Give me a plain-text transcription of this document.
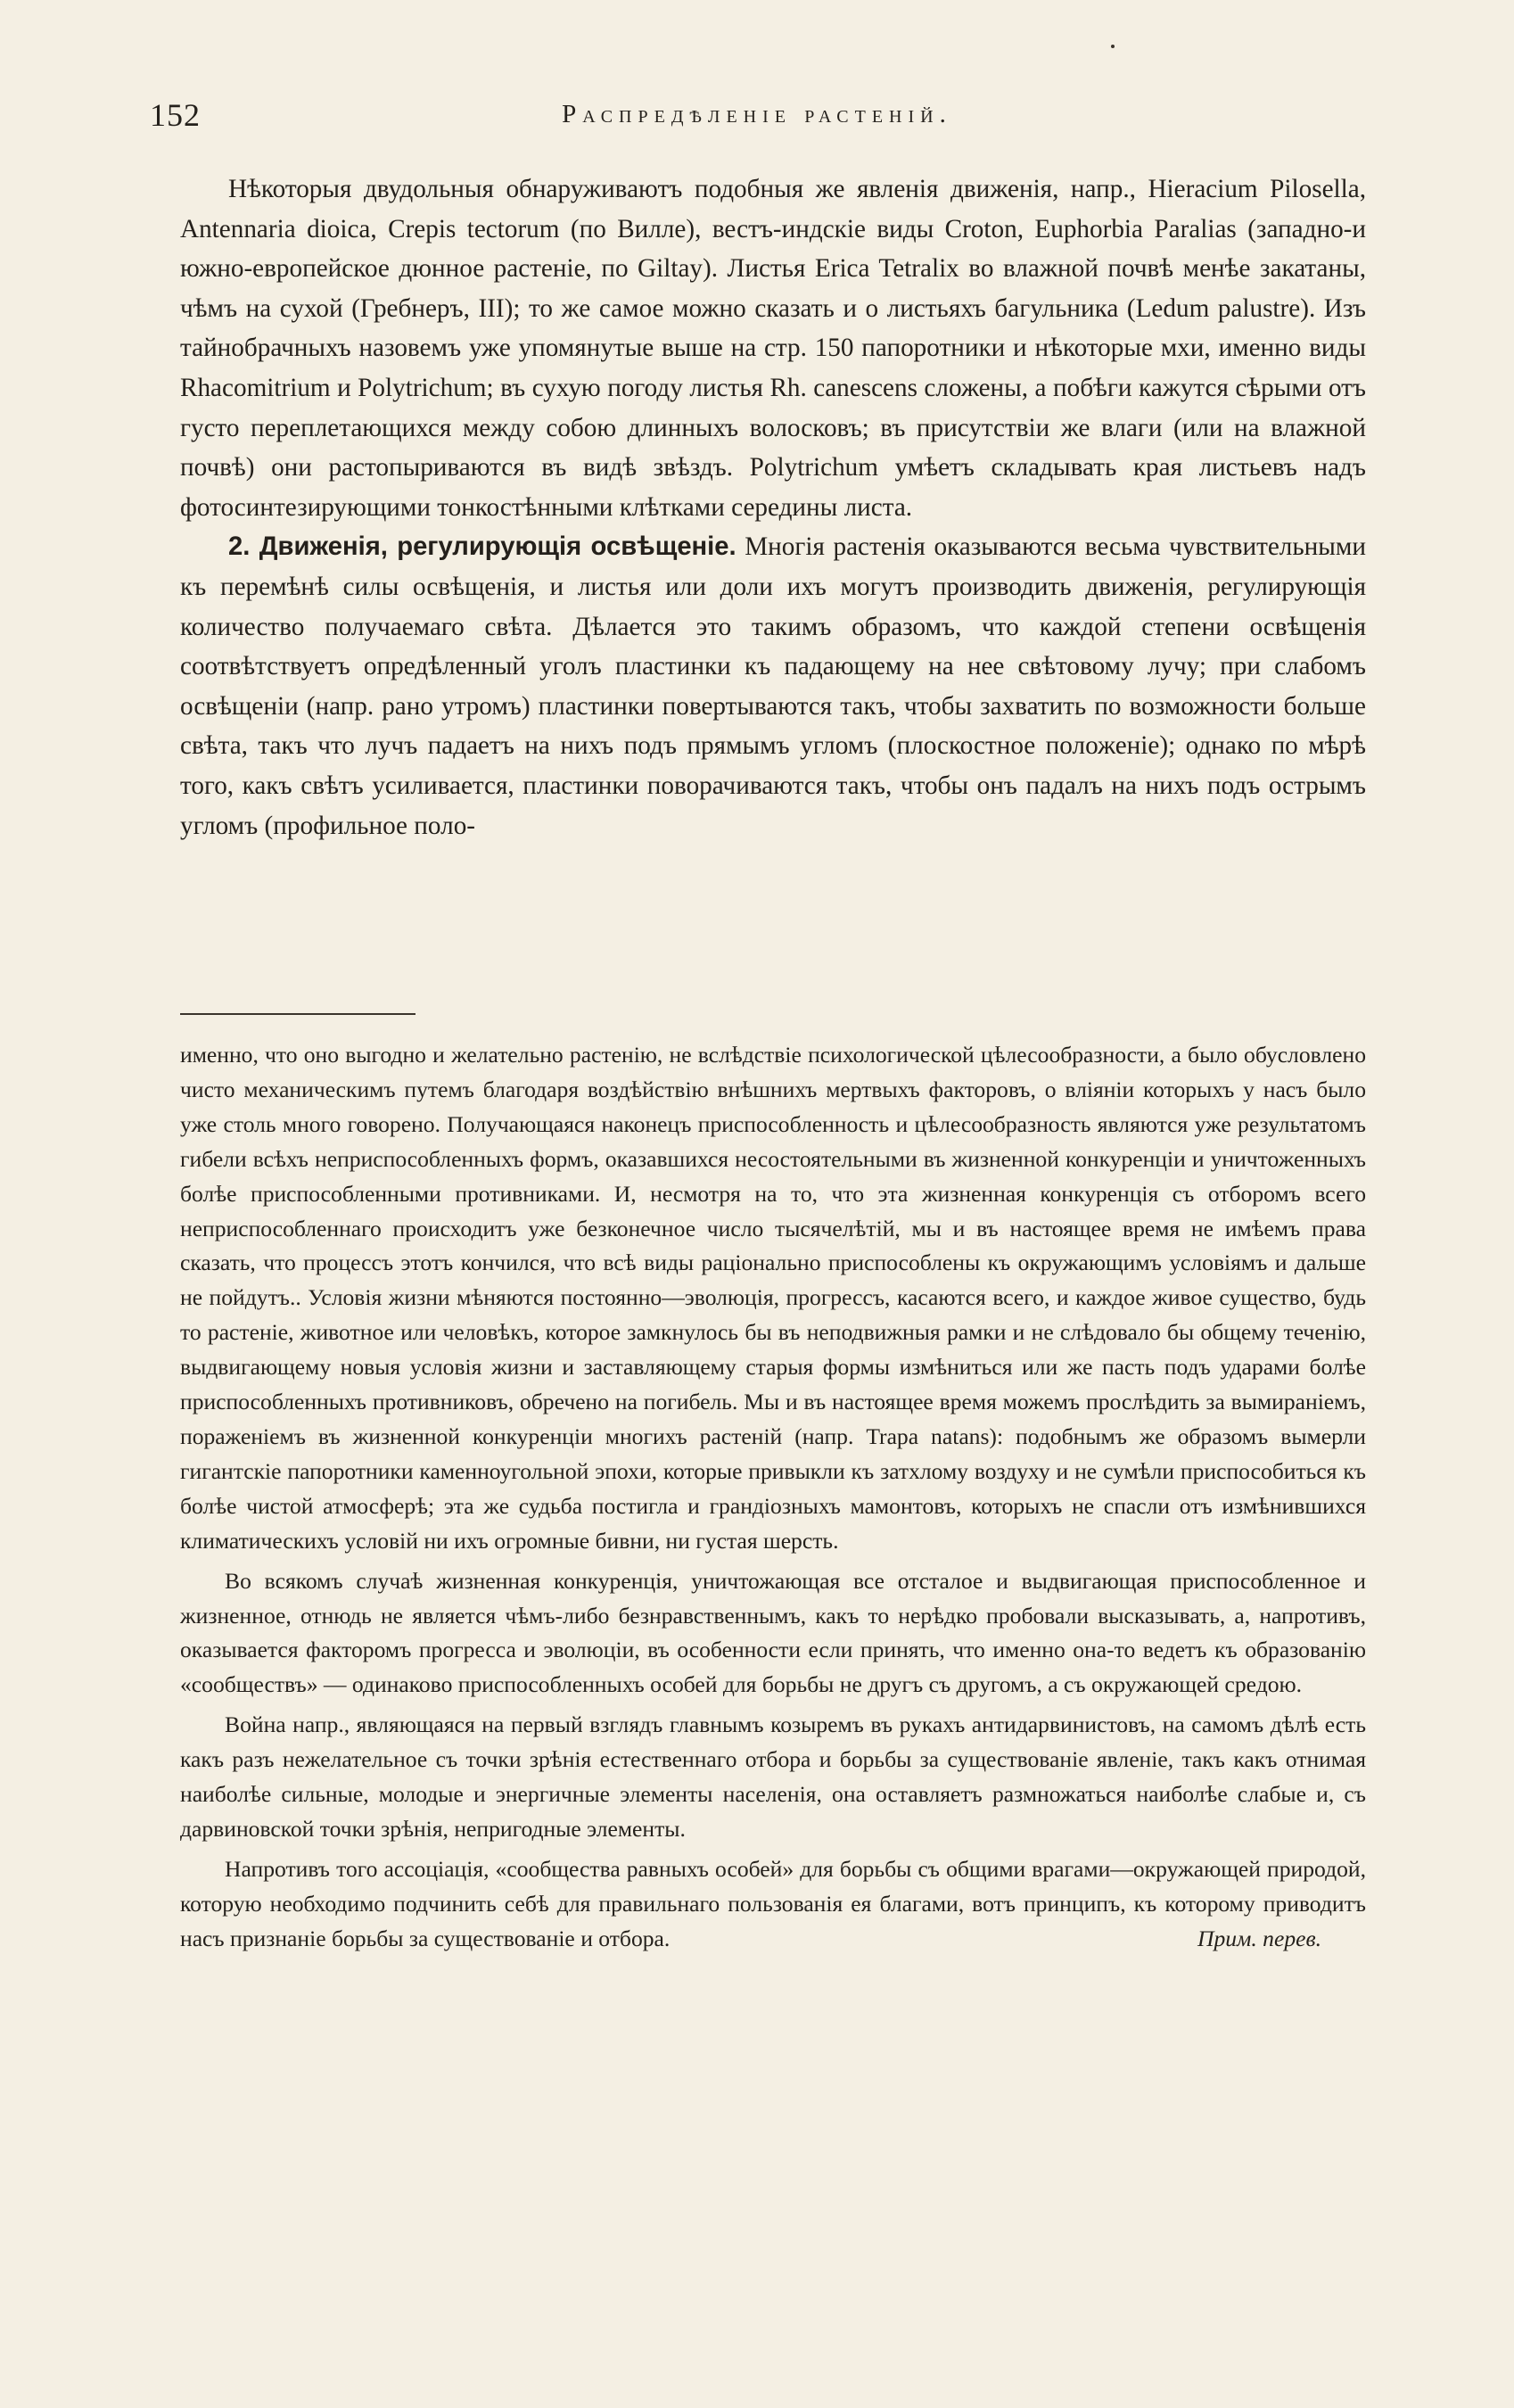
152	Распредѣленіе растеній.

Нѣкоторыя двудольныя обнаруживаютъ подобныя же явленія движенія, напр., Hieracium Pilosella, Antennaria dioica, Crepis tectorum (по Вилле), вестъ-индскіе виды Croton, Euphorbia Paralias (западно-и южно-европейское дюнное растеніе, по Giltay). Листья Erica Tetralix во влажной почвѣ менѣе закатаны, чѣмъ на сухой (Гребнеръ, III); то же самое можно сказать и о листьяхъ багульника (Ledum palustre). Изъ тайнобрачныхъ назовемъ уже упомянутые выше на стр. 150 папоротники и нѣкоторые мхи, именно виды Rhacomitrium и Polytrichum; въ сухую погоду листья Rh. canescens сложены, а побѣги кажутся сѣрыми отъ густо переплетающихся между собою длинныхъ волосковъ; въ присутствіи же влаги (или на влажной почвѣ) они растопыриваются въ видѣ звѣздъ. Polytrichum умѣетъ складывать края листьевъ надъ фотосинтезирующими тонкостѣнными клѣтками середины листа.

2. Движенія, регулирующія освѣщеніе. Многія растенія оказываются весьма чувствительными къ перемѣнѣ силы освѣщенія, и листья или доли ихъ могутъ производить движенія, регулирующія количество получаемаго свѣта. Дѣлается это такимъ образомъ, что каждой степени освѣщенія соотвѣтствуетъ опредѣленный уголъ пластинки къ падающему на нее свѣтовому лучу; при слабомъ освѣщеніи (напр. рано утромъ) пластинки повертываются такъ, чтобы захватить по возможности больше свѣта, такъ что лучъ падаетъ на нихъ подъ прямымъ угломъ (плоскостное положеніе); однако по мѣрѣ того, какъ свѣтъ усиливается, пластинки поворачиваются такъ, чтобы онъ падалъ на нихъ подъ острымъ угломъ (профильное поло-

именно, что оно выгодно и желательно растенію, не вслѣдствіе психологической цѣлесообразности, а было обусловлено чисто механическимъ путемъ благодаря воздѣйствію внѣшнихъ мертвыхъ факторовъ, о вліяніи которыхъ у насъ было уже столь много говорено. Получающаяся наконецъ приспособленность и цѣлесообразность являются уже результатомъ гибели всѣхъ неприспособленныхъ формъ, оказавшихся несостоятельными въ жизненной конкуренціи и уничтоженныхъ болѣе приспособленными противниками. И, несмотря на то, что эта жизненная конкуренція съ отборомъ всего неприспособленнаго происходитъ уже безконечное число тысячелѣтій, мы и въ настоящее время не имѣемъ права сказать, что процессъ этотъ кончился, что всѣ виды раціонально приспособлены къ окружающимъ условіямъ и дальше не пойдутъ.. Условія жизни мѣняются постоянно—эволюція, прогрессъ, касаются всего, и каждое живое существо, будь то растеніе, животное или человѣкъ, которое замкнулось бы въ неподвижныя рамки и не слѣдовало бы общему теченію, выдвигающему новыя условія жизни и заставляющему старыя формы измѣниться или же пасть подъ ударами болѣе приспособленныхъ противниковъ, обречено на погибель. Мы и въ настоящее время можемъ прослѣдить за вымираніемъ, пораженіемъ въ жизненной конкуренціи многихъ растеній (напр. Trapa natans): подобнымъ же образомъ вымерли гигантскіе папоротники каменноугольной эпохи, которые привыкли къ затхлому воздуху и не сумѣли приспособиться къ болѣе чистой атмосферѣ; эта же судьба постигла и грандіозныхъ мамонтовъ, которыхъ не спасли отъ измѣнившихся климатическихъ условій ни ихъ огромные бивни, ни густая шерсть.

Во всякомъ случаѣ жизненная конкуренція, уничтожающая все отсталое и выдвигающая приспособленное и жизненное, отнюдь не является чѣмъ-либо безнравственнымъ, какъ то нерѣдко пробовали высказывать, а, напротивъ, оказывается факторомъ прогресса и эволюціи, въ особенности если принять, что именно она-то ведетъ къ образованію «сообществъ» — одинаково приспособленныхъ особей для борьбы не другъ съ другомъ, а съ окружающей средою.

Война напр., являющаяся на первый взглядъ главнымъ козыремъ въ рукахъ антидарвинистовъ, на самомъ дѣлѣ есть какъ разъ нежелательное съ точки зрѣнія естественнаго отбора и борьбы за существованіе явленіе, такъ какъ отнимая наиболѣе сильные, молодые и энергичные элементы населенія, она оставляетъ размножаться наиболѣе слабые и, съ дарвиновской точки зрѣнія, непригодные элементы.

Напротивъ того ассоціація, «сообщества равныхъ особей» для борьбы съ общими врагами—окружающей природой, которую необходимо подчинить себѣ для правильнаго пользованія ея благами, вотъ принципъ, къ которому приводитъ насъ признаніе борьбы за существованіе и отбора.	Прим. перев.
